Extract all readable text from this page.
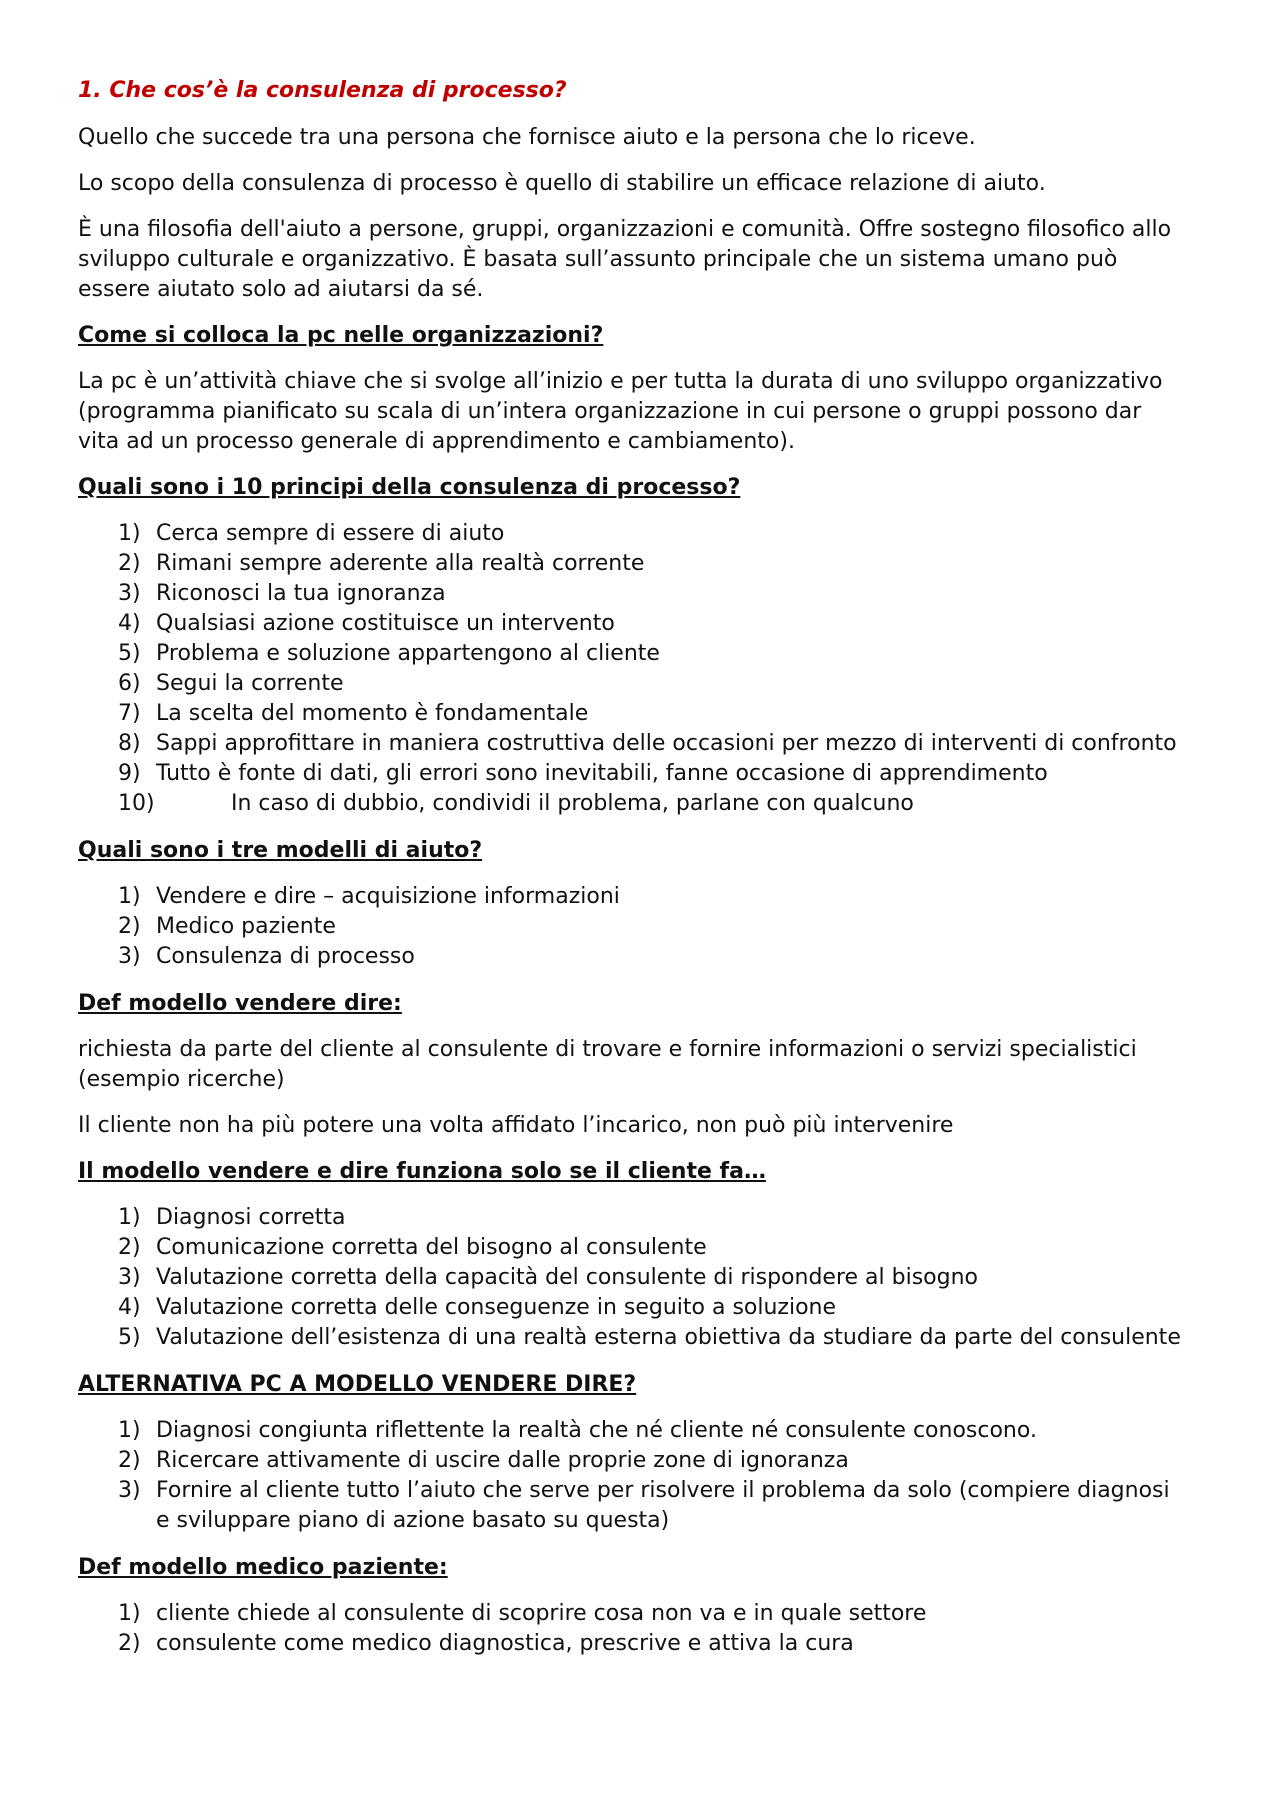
1. Che cos’è la consulenza di processo?

Quello che succede tra una persona che fornisce aiuto e la persona che lo riceve.

Lo scopo della consulenza di processo è quello di stabilire un efficace relazione di aiuto.

È una filosofia dell'aiuto a persone, gruppi, organizzazioni e comunità. Offre sostegno filosofico allo sviluppo culturale e organizzativo. È basata sull’assunto principale che un sistema umano può essere aiutato solo ad aiutarsi da sé.

Come si colloca la pc nelle organizzazioni?

La pc è un’attività chiave che si svolge all’inizio e per tutta la durata di uno sviluppo organizzativo (programma pianificato su scala di un’intera organizzazione in cui persone o gruppi possono dar vita ad un processo generale di apprendimento e cambiamento).

Quali sono i 10 principi della consulenza di processo?
1) Cerca sempre di essere di aiuto
2) Rimani sempre aderente alla realtà corrente
3) Riconosci la tua ignoranza
4) Qualsiasi azione costituisce un intervento
5) Problema e soluzione appartengono al cliente
6) Segui la corrente
7) La scelta del momento è fondamentale
8) Sappi approfittare in maniera costruttiva delle occasioni per mezzo di interventi di confronto
9) Tutto è fonte di dati, gli errori sono inevitabili, fanne occasione di apprendimento
10)	In caso di dubbio, condividi il problema, parlane con qualcuno
Quali sono i tre modelli di aiuto?
1) Vendere e dire – acquisizione informazioni
2) Medico paziente
3) Consulenza di processo
Def modello vendere dire:

richiesta da parte del cliente al consulente di trovare e fornire informazioni o servizi specialistici (esempio ricerche)

Il cliente non ha più potere una volta affidato l’incarico, non può più intervenire

Il modello vendere e dire funziona solo se il cliente fa…
1) Diagnosi corretta
2) Comunicazione corretta del bisogno al consulente
3) Valutazione corretta della capacità del consulente di rispondere al bisogno
4) Valutazione corretta delle conseguenze in seguito a soluzione
5) Valutazione dell’esistenza di una realtà esterna obiettiva da studiare da parte del consulente
ALTERNATIVA PC A MODELLO VENDERE DIRE?
1) Diagnosi congiunta riflettente la realtà che né cliente né consulente conoscono.
2) Ricercare attivamente di uscire dalle proprie zone di ignoranza
3) Fornire al cliente tutto l’aiuto che serve per risolvere il problema da solo (compiere diagnosi e sviluppare piano di azione basato su questa)
Def modello medico paziente:
1) cliente chiede al consulente di scoprire cosa non va e in quale settore
2) consulente come medico diagnostica, prescrive e attiva la cura
